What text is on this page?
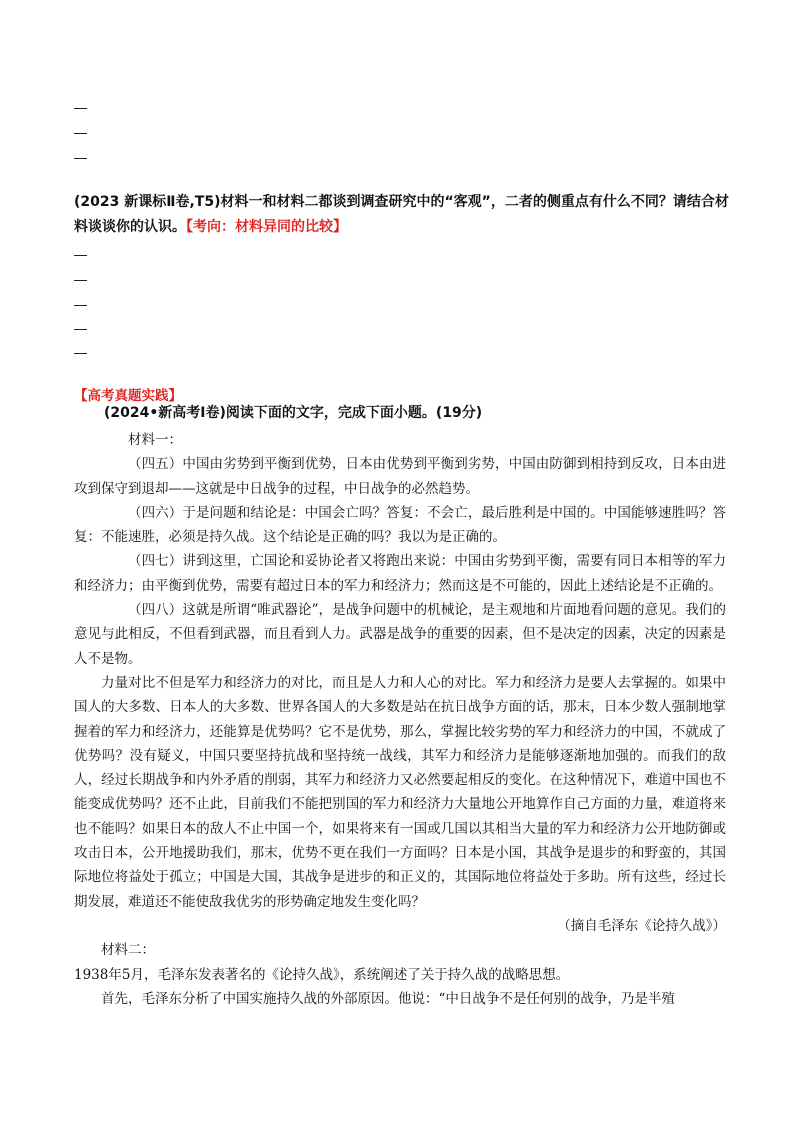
(2023 新课标Ⅱ卷,T5)材料一和材料二都谈到调查研究中的“客观”，二者的侧重点有什么不同？请结合材料谈谈你的认识。【考向：材料异同的比较】
【高考真题实践】
(2024•新高考Ⅰ卷)阅读下面的文字，完成下面小题。(19分)

材料一：

（四五）中国由劣势到平衡到优势，日本由优势到平衡到劣势，中国由防御到相持到反攻，日本由进攻到保守到退却——这就是中日战争的过程，中日战争的必然趋势。

（四六）于是问题和结论是：中国会亡吗？答复：不会亡，最后胜利是中国的。中国能够速胜吗？答复：不能速胜，必须是持久战。这个结论是正确的吗？我以为是正确的。

（四七）讲到这里，亡国论和妥协论者又将跑出来说：中国由劣势到平衡，需要有同日本相等的军力和经济力；由平衡到优势，需要有超过日本的军力和经济力；然而这是不可能的，因此上述结论是不正确的。

（四八）这就是所谓“唯武器论”，是战争问题中的机械论，是主观地和片面地看问题的意见。我们的意见与此相反，不但看到武器，而且看到人力。武器是战争的重要的因素，但不是决定的因素，决定的因素是人不是物。

力量对比不但是军力和经济力的对比，而且是人力和人心的对比。军力和经济力是要人去掌握的。如果中国人的大多数、日本人的大多数、世界各国人的大多数是站在抗日战争方面的话，那末，日本少数人强制地掌握着的军力和经济力，还能算是优势吗？它不是优势，那么，掌握比较劣势的军力和经济力的中国，不就成了优势吗？没有疑义，中国只要坚持抗战和坚持统一战线，其军力和经济力是能够逐渐地加强的。而我们的敌人，经过长期战争和内外矛盾的削弱，其军力和经济力又必然要起相反的变化。在这种情况下，难道中国也不能变成优势吗？还不止此，目前我们不能把别国的军力和经济力大量地公开地算作自己方面的力量，难道将来也不能吗？如果日本的敌人不止中国一个，如果将来有一国或几国以其相当大量的军力和经济力公开地防御或攻击日本，公开地援助我们，那末，优势不更在我们一方面吗？日本是小国，其战争是退步的和野蛮的，其国际地位将益处于孤立；中国是大国，其战争是进步的和正义的，其国际地位将益处于多助。所有这些，经过长期发展，难道还不能使敌我优劣的形势确定地发生变化吗？

（摘自毛泽东《论持久战》）

材料二：

1938年5月，毛泽东发表著名的《论持久战》，系统阐述了关于持久战的战略思想。

首先，毛泽东分析了中国实施持久战的外部原因。他说：“中日战争不是任何别的战争，乃是半殖
